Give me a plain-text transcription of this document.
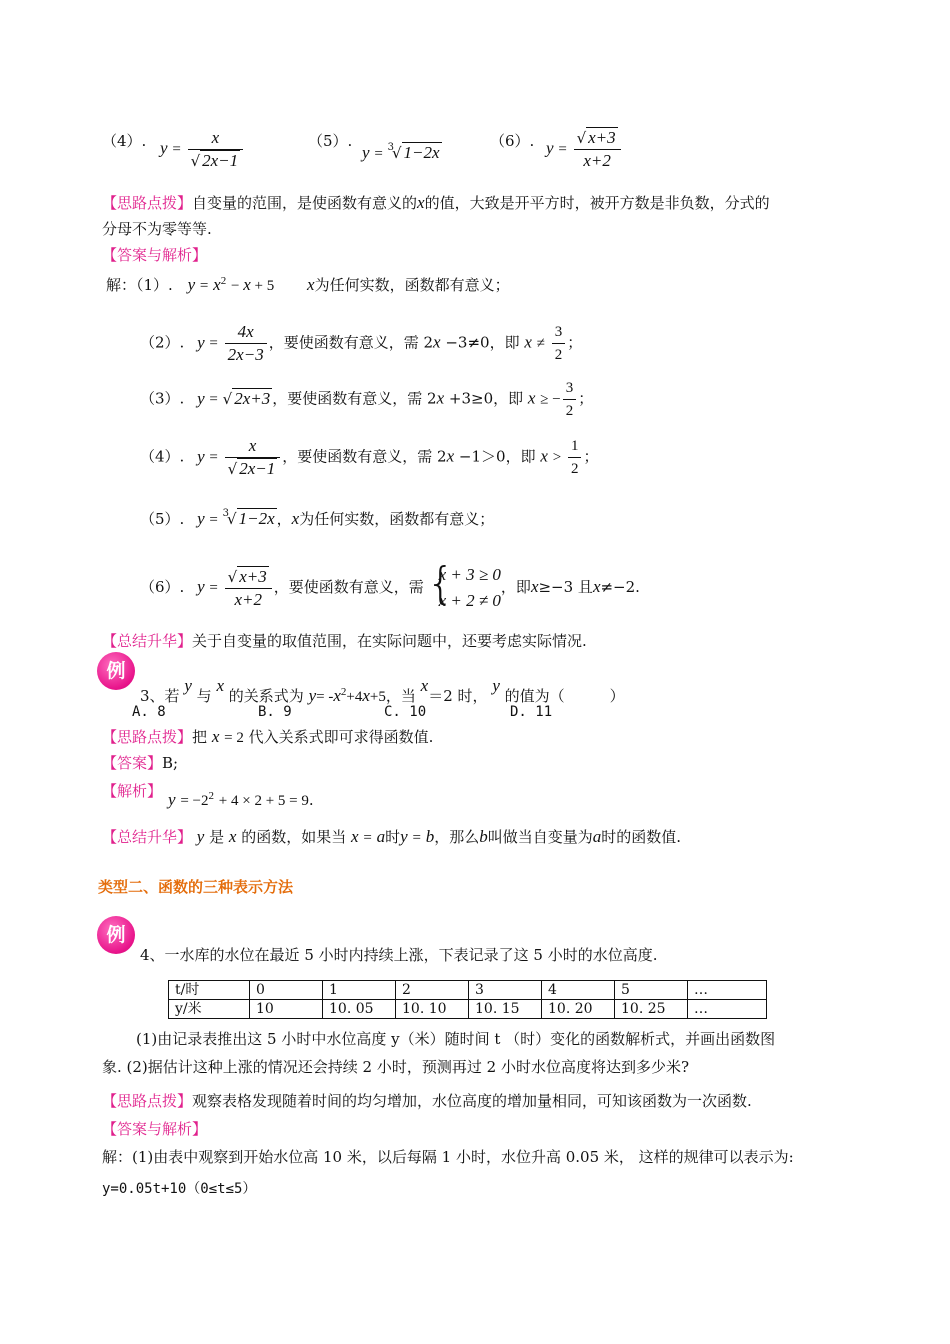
（4）. $y = \frac{x}{√ 2x-1}$	（5）.
y = $^3$√ 1−2x
（6）. $y = \frac{√ x+3}{x+2}$
【思路点拨】自变量的范围，是使函数有意义的x的值，大致是开平方时，被开方数是非负数，分式的
分母不为零等等.
【答案与解析】
解：（1）. $y = x^2 - x + 5$ x为任何实数，函数都有意义；
（2）. $y = \frac{4x}{2x-3}$ ，要使函数有意义，需 2x −3≠0，即 $x \ne \frac{3}{2}$ ；
（3）. y = √ 2x+3 ，要使函数有意义，需 2x +3≥0，即 x ≥ − $\frac{3}{2}$ ；
（4）. $y = \frac{x}{√ 2x-1}$ ，要使函数有意义，需 2x −1＞0，即 $x > \frac{1}{2}$ ；
（5）. y = $^3$√ 1−2x ，x为任何实数，函数都有意义；
（6）. $y = \frac{√ x+3}{x+2}$ ，要使函数有意义，需 {
x + 3 ≥ 0
x + 2 ≠ 0
，即x≥−3 且x≠−2.
【总结升华】关于自变量的取值范围，在实际问题中，还要考虑实际情况.
例
3、若 y 与 x 的关系式为 $y= -x^2+4x+5$，当 x＝2 时， y 的值为（　　　）
A. 8	B. 9	C. 10	D. 11
【思路点拨】把 x = 2 代入关系式即可求得函数值.
【答案】B;
【解析】 $y = -2^2 + 4 \times 2 + 5 = 9$.
【总结升华】 y 是 x 的函数，如果当 x = a时y = b，那么b叫做当自变量为a时的函数值.
类型二、函数的三种表示方法
例
4、一水库的水位在最近 5 小时内持续上涨，下表记录了这 5 小时的水位高度.
t/时	0	1	2	3	4	5	…
y/米	10	10. 05	10. 10	10. 15	10. 20	10. 25	…
(1)由记录表推出这 5 小时中水位高度 y（米）随时间 t （时）变化的函数解析式，并画出函数图
象. (2)据估计这种上涨的情况还会持续 2 小时，预测再过 2 小时水位高度将达到多少米?
【思路点拨】观察表格发现随着时间的均匀增加，水位高度的增加量相同，可知该函数为一次函数.
【答案与解析】
解：(1)由表中观察到开始水位高 10 米，以后每隔 1 小时，水位升高 0.05 米， 这样的规律可以表示为:
y=0.05t+10（0≤t≤5）
